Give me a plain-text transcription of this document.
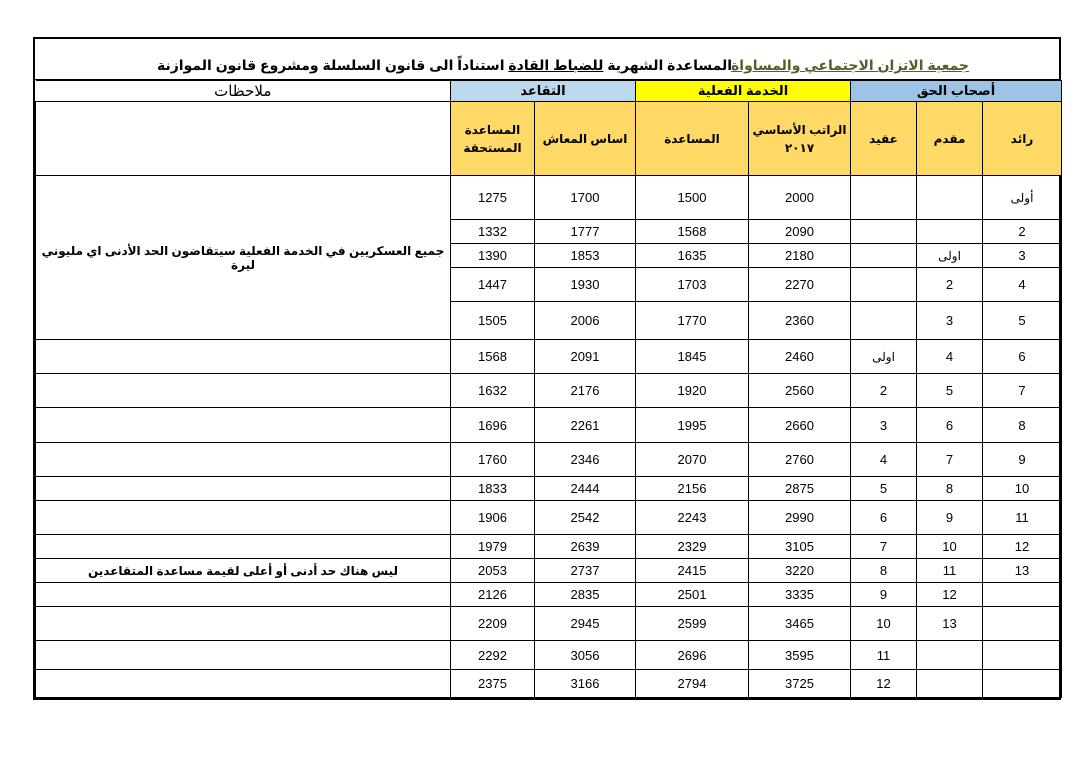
جمعية الاتزان الاجتماعي والمساواة
المساعدة الشهرية للضباط القادة استناداً الى قانون السلسلة ومشروع قانون الموازنة
ملاحظات	التقاعد		الخدمة الفعلية		أصحاب الحق		
	المساعدة المستحقة	اساس المعاش	المساعدة	الراتب الأساسي ٢٠١٧	عقيد	مقدم	رائد
جميع العسكريين في الخدمة الفعلية سيتقاضون الحد الأدنى اي مليوني ليرة	1275	1700	1500	2000			أولى
	1332	1777	1568	2090			2
	1390	1853	1635	2180		اولى	3
	1447	1930	1703	2270		2	4
	1505	2006	1770	2360		3	5
	1568	2091	1845	2460	اولى	4	6
	1632	2176	1920	2560	2	5	7
	1696	2261	1995	2660	3	6	8
	1760	2346	2070	2760	4	7	9
	1833	2444	2156	2875	5	8	10
	1906	2542	2243	2990	6	9	11
	1979	2639	2329	3105	7	10	12
ليس هناك حد أدنى أو أعلى لقيمة مساعدة المتقاعدين	2053	2737	2415	3220	8	11	13
	2126	2835	2501	3335	9	12	
	2209	2945	2599	3465	10	13	
	2292	3056	2696	3595	11		
	2375	3166	2794	3725	12		
